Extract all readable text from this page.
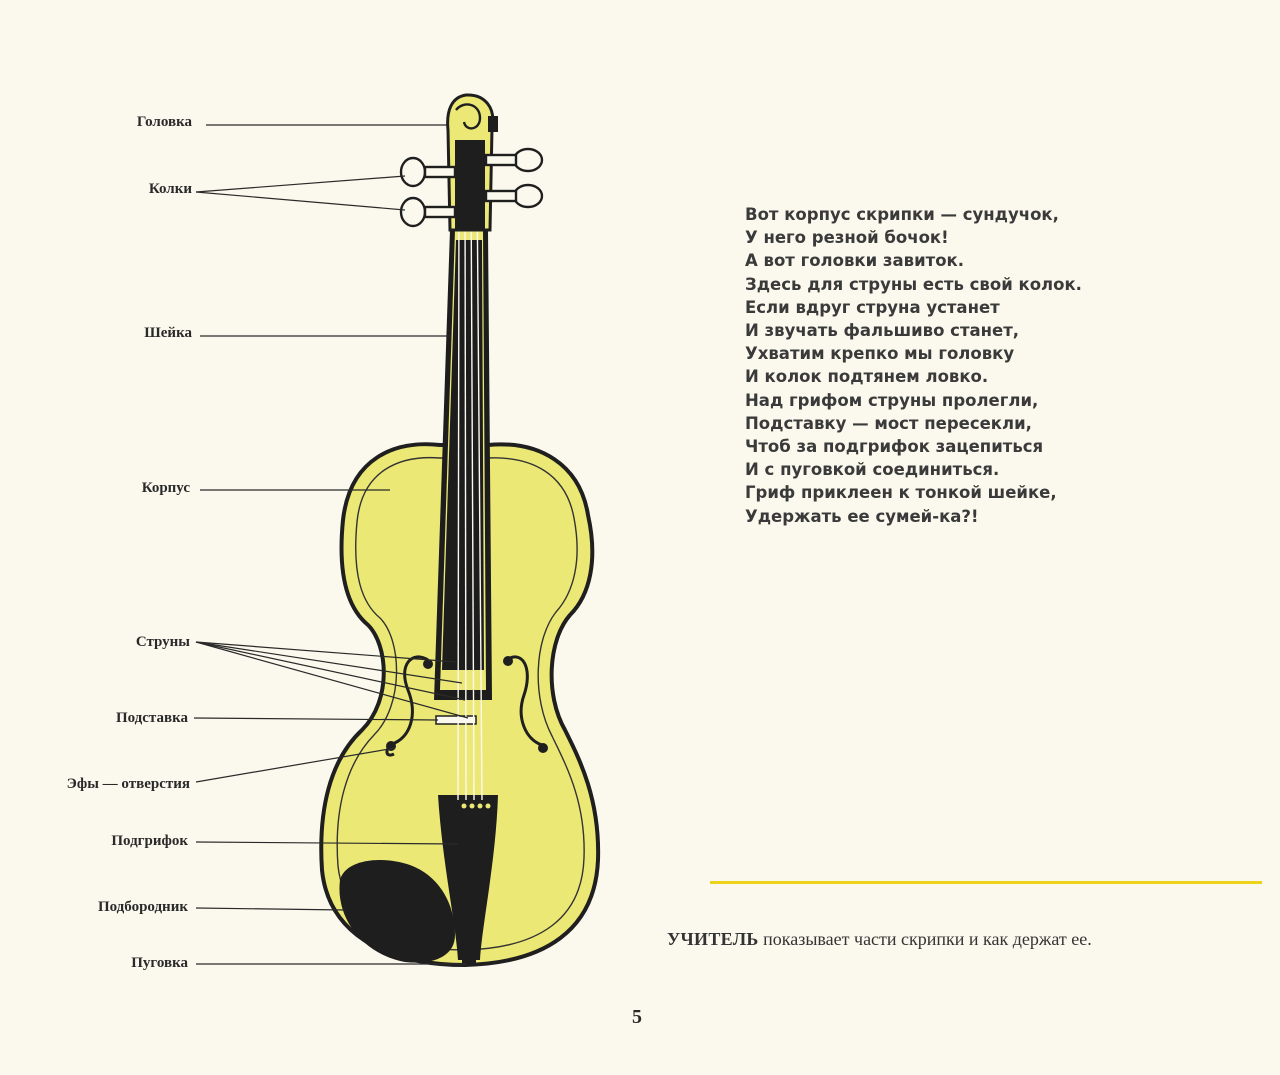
Головка
Колки
Шейка
Корпус
Струны
Подставка
Эфы — отверстия
Подгрифок
Подбородник
Пуговка
Вот корпус скрипки — сундучок,
У него резной бочок!
А вот головки завиток.
Здесь для струны есть свой колок.
Если вдруг струна устанет
И звучать фальшиво станет,
Ухватим крепко мы головку
И колок подтянем ловко.
Над грифом струны пролегли,
Подставку — мост пересекли,
Чтоб за подгрифок зацепиться
И с пуговкой соединиться.
Гриф приклеен к тонкой шейке,
Удержать ее сумей-ка?!
УЧИТЕЛЬ показывает части скрипки и как держат ее.
5
